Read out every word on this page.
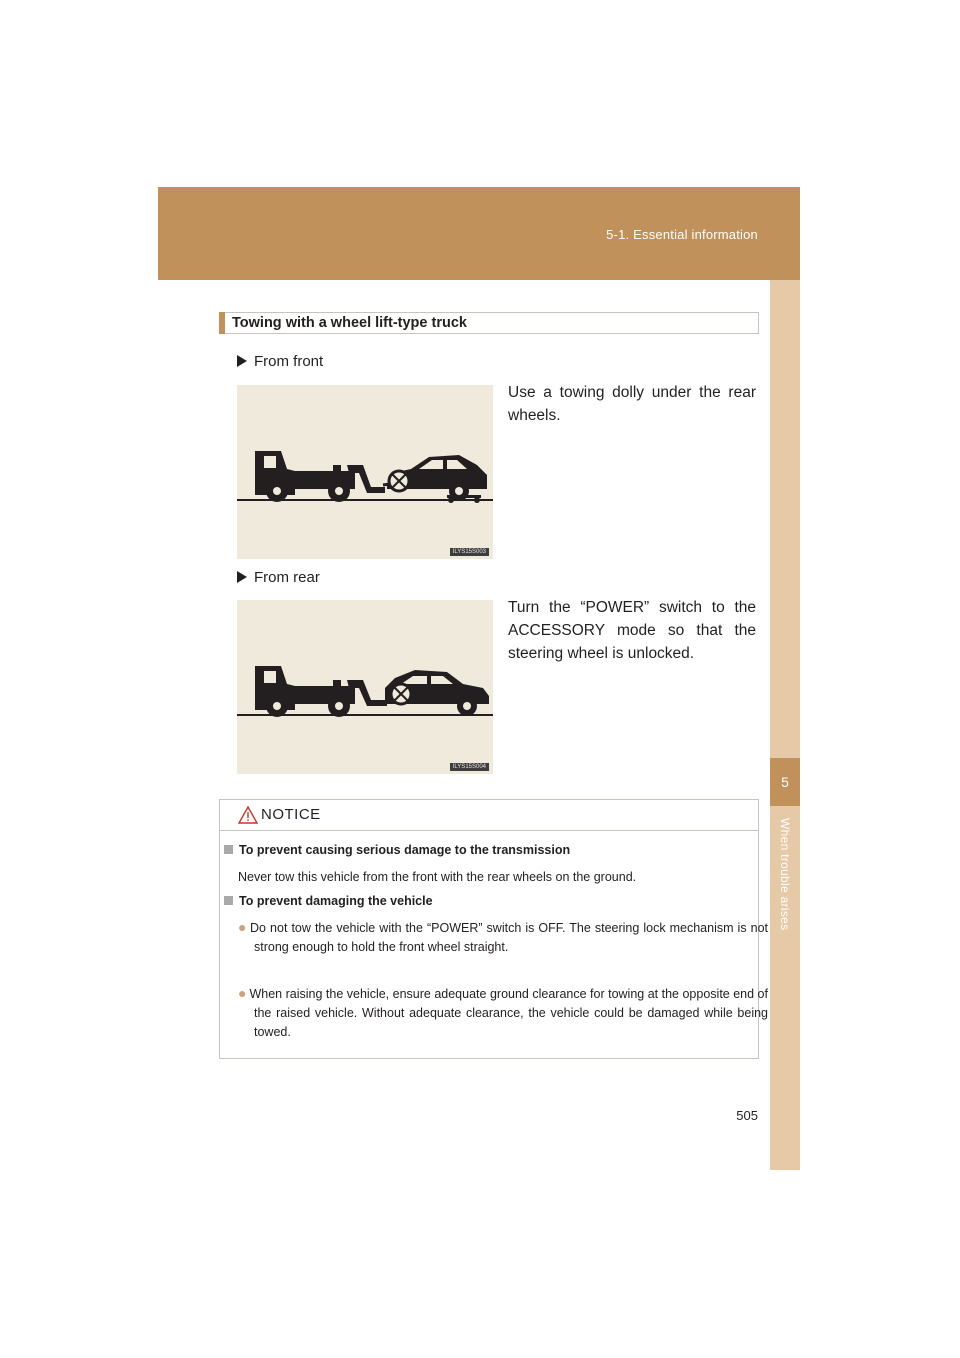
5-1. Essential information
5
When trouble arises
Towing with a wheel lift-type truck
From front
Use a towing dolly under the rear wheels.
ILYS15S003
From rear
Turn the “POWER” switch to the ACCESSORY mode so that the steering wheel is unlocked.
ILYS15S004
NOTICE
To prevent causing serious damage to the transmission
Never tow this vehicle from the front with the rear wheels on the ground.
To prevent damaging the vehicle
● Do not tow the vehicle with the “POWER” switch is OFF. The steering lock mechanism is not strong enough to hold the front wheel straight.
● When raising the vehicle, ensure adequate ground clearance for towing at the opposite end of the raised vehicle. Without adequate clearance, the vehicle could be damaged while being towed.
505
